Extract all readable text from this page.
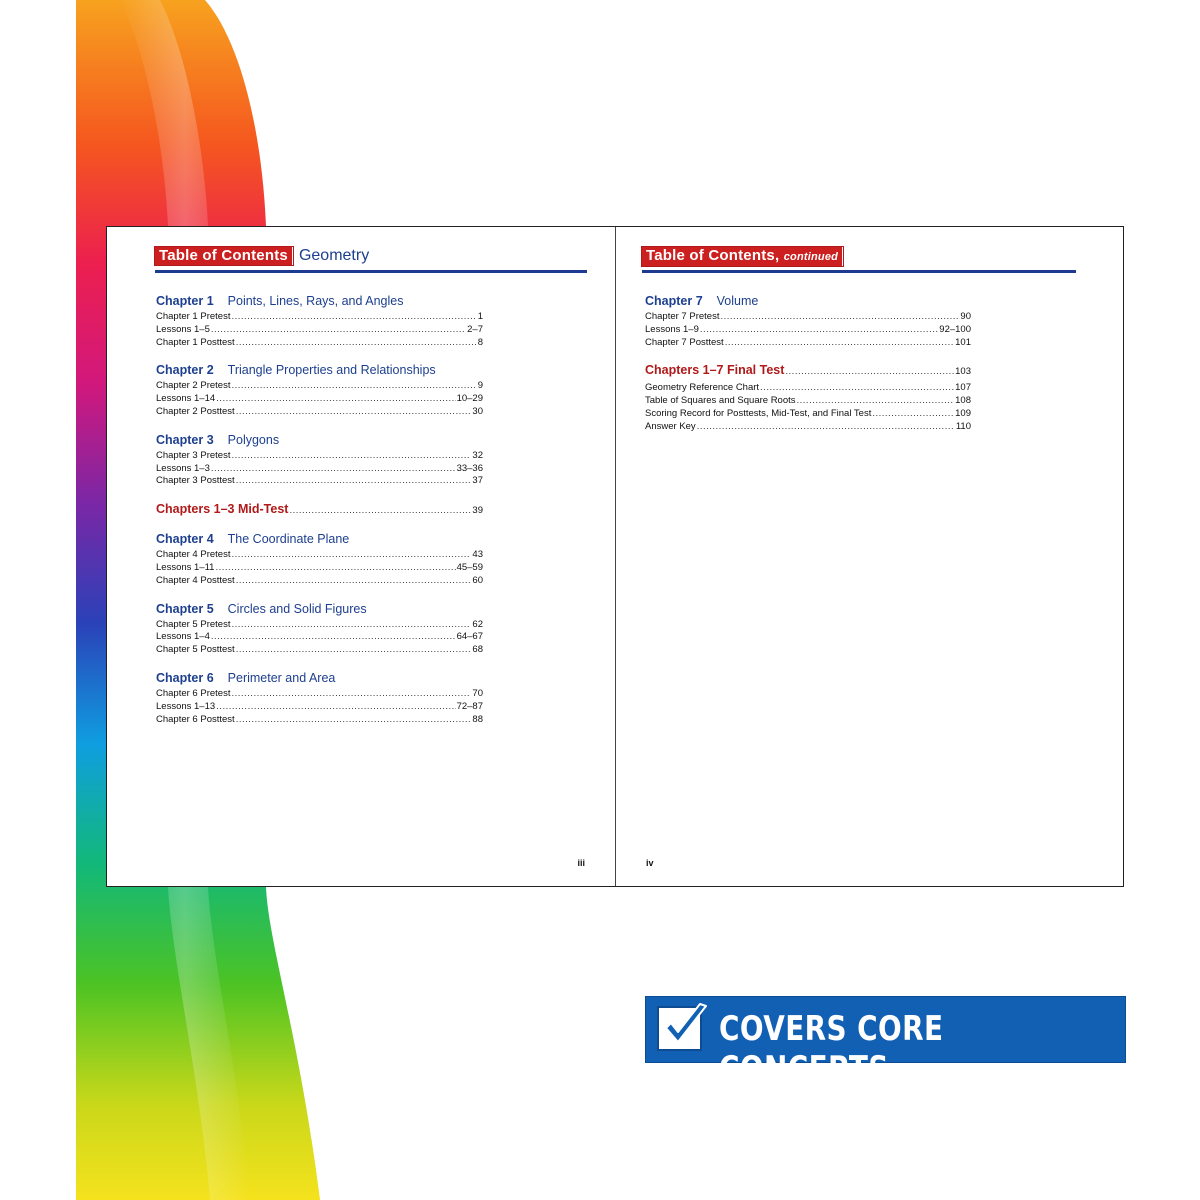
Table of Contents Geometry
Chapter 1 Points, Lines, Rays, and Angles
Chapter 1 Pretest .....	1
Lessons 1–5 .....	2–7
Chapter 1 Posttest .....	8
Chapter 2 Triangle Properties and Relationships
Chapter 2 Pretest .....	9
Lessons 1–14 .....	10–29
Chapter 2 Posttest .....	30
Chapter 3 Polygons
Chapter 3 Pretest .....	32
Lessons 1–3 .....	33–36
Chapter 3 Posttest .....	37
Chapters 1–3 Mid-Test .....	39
Chapter 4 The Coordinate Plane
Chapter 4 Pretest .....	43
Lessons 1–11 .....	45–59
Chapter 4 Posttest .....	60
Chapter 5 Circles and Solid Figures
Chapter 5 Pretest .....	62
Lessons 1–4 .....	64–67
Chapter 5 Posttest .....	68
Chapter 6 Perimeter and Area
Chapter 6 Pretest .....	70
Lessons 1–13 .....	72–87
Chapter 6 Posttest .....	88
iii
Table of Contents, continued
Chapter 7 Volume
Chapter 7 Pretest .....	90
Lessons 1–9 .....	92–100
Chapter 7 Posttest .....	101
Chapters 1–7 Final Test .....	103
Geometry Reference Chart .....	107
Table of Squares and Square Roots .....	108
Scoring Record for Posttests, Mid-Test, and Final Test .....	109
Answer Key .....	110
iv
COVERS CORE CONCEPTS
